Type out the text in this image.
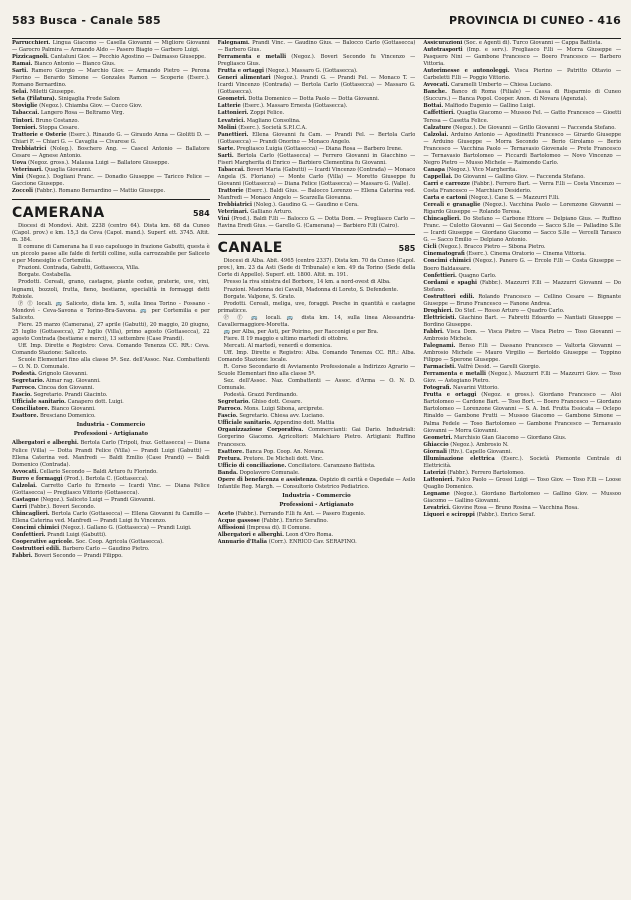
583 Busca - Canale 585	PROVINCIA DI CUNEO - 416

Parrucchieri. Lingua Giacomo — Casella Giovanni — Migliore Giovanni — Garocro Palmira — Armando Aldo — Pasero Biagio — Garbero Luigi.

Pizzicagnoli. Cantaluni Giov. — Pecchio Agostino — Daimasso Giuseppe.

Ramai. Bianco Antonio — Bianco Gius.

Sarti. Ramero Giorgio — Marchio Giov. — Armando Pietro — Perona Pierino — Berardo Simone — Gonzales Ramon — Scoperie (Eserc.). Romano Bernardino.

Selai. Miletti Giuseppe.

Seta (Filatura). Sinigaglia Frede Salom

Stoviglie (Negoz.). Chiamba Giov. — Cucco Giov.

Tabaccai. Langero Rosa — Beltramo Virg.

Tintori. Bruno Costanzo.

Torniori. Stoppa Cesare.

Trattorie e Osterie (Eserc.). Rinaudo G. — Giraudo Anna — Giolitti D. — Chiari F. — Chiari G. — Cavaglia — Civarese G.

Trebbiatrici (Noleg.). Boschero Ang. — Cascel Antonio — Ballatore Cesare — Agnese Antonio.

Uova (Negoz. gross.). Malausa Luigi — Ballatore Giuseppe.

Veterinari. Quaglia Giovanni.

Vini (Negoz.). Dogliani Franc. — Donadio Giuseppe — Taricco Felice — Gaccione Giuseppe.

Zoccoli (Fabbr.). Romano Bernardino — Mattio Giuseppe.

CAMERANA	584

Diocesi di Mondovì. Abit. 2238 (centro 64). Dista km. 68 da Cuneo (Capol. prov.) e km. 15,3 da Ceva (Capol. mand.). Superf. ett. 3745. Altit. m. 384.

Il comune di Camerana ha il suo capoluogo in frazione Gabutti, questa è un piccolo paese alle falde di fertili colline, sulla carrozzabile per Saliceto e per Monesiglio e Cortemilia.

Frazioni. Contrada, Gabutti, Gottasecca, Villa.

Borgate. Costabella.

Prodotti. Cereali, grano, castagne, piante cedue, praterie, uve, vini, legnami, bozzoli, frutta, fieno, bestiame, specialità in formaggi detti Robiole.

Ⓟ Ⓣ locali. 🚌 Saliceto, dista km. 5, sulla linea Torino - Fossano - Mondovì - Ceva-Savona e Torino-Bra-Savona. 🚌 per Cortemilia e per Saliceto.

Fiere. 25 marzo (Camerana), 27 aprile (Gabutti), 20 maggio, 20 giugno, 25 luglio (Gottasecca), 27 luglio (Villa), primo agosto (Gottasecca), 22 agosto Contrada (bestiame e merci), 13 settembre (Case Prandi).

Uff. Imp. Dirette e Registro: Ceva. Comando Tenenza CC. RR.: Ceva. Comando Stazione: Saliceto.

Scuole Elementari fino alla classe 5ª. Sez. dell'Assoc. Naz. Combattenti — O. N. D. Comunale.

Podestà. Grignolo Giovanni.

Segretario. Aimar rag. Giovanni.

Parroco. Cincoa don Giovanni.

Fascio. Segretario. Prandi Giacinto.

Ufficiale sanitario. Canapero dott. Luigi.

Conciliatore. Bianco Giovanni.

Esattore. Bresciano Domenico.

Industria - Commercio
Professioni - Artigianato

Albergatori e alberghi. Bertola Carlo (Tripoli, fraz. Gottasecca) — Diana Felice (Villa) — Dotta Prandi Felice (Villa) — Prandi Luigi (Gabutti) — Ellena Caterina ved. Manfredi — Baldi Emilio (Case Prandi) — Baldi Domenico (Contrada).

Avvocati. Cellario Secondo — Baldi Arturo fu Florindo.

Burro e formaggi (Prod.). Bertola C. (Gottasecca).

Calzolai. Carretto Carlo fu Ernesto — Icardi Vinc. — Diana Felice (Gottasecca) — Pregliasco Vittorio (Gottasecca).

Castagne (Negoz.). Saliceto Luigi — Prandi Giovanni.

Carri (Fabbr.). Boveri Secondo.

Chincaglieri. Bertola Carlo (Gottasecca) — Ellena Giovanni fu Camillo — Ellena Caterina ved. Manfredi — Prandi Luigi fu Vincenzo.

Concimi chimici (Negoz.). Gallano G. (Gottasecca) — Prandi Luigi.

Confettieri. Prandi Luigi (Gabutti).

Cooperative agricole. Soc. Coop. Agricola (Gottasecca).

Costruttori edili. Barbero Carlo — Gaudino Pietro.

Fabbri. Boveri Secondo — Prandi Filippo.

Falegnami. Prandi Vinc. — Gaudino Gius. — Balocco Carlo (Gottasecca) — Barbero Gius.

Ferramenta e metalli (Negoz.). Boveri Secondo fu Vincenzo — Pregliasco Gius.

Frutta e ortaggi (Negoz.). Massaro G. (Gottasecca).

Generi alimentari (Negoz.). Prandi G. — Prandi Fel. — Monaco T. — Icardi Vincenzo (Contrada) — Bertola Carlo (Gottasecca) — Massaro G. (Gottasecca).

Geometri. Dotta Domenico — Dotta Paolo — Dotta Giovanni.

Latterie (Eserc.). Massaro Ernesta (Gottasecca).

Lattonieri. Zoppi Felice.

Levatrici. Magliano Consolina.

Molini (Eserc.). Società S.P.I.C.A.

Panettieri. Ellena Giovanni fu Cam. — Prandi Fel. — Bertola Carlo (Gottasecca) — Prandi Onorino — Monaco Angelo.

Sarte. Pregliasco Luigia (Gottasecca) — Diana Rosa — Barbero Irene.

Sarti. Bertola Carlo (Gottasecca) — Ferrero Giovanni in Giacchino — Fiseri Margherita di Enrico — Barbiero Clementina fu Giovanni.

Tabaccai. Boveri Maria (Gabutti) — Icardi Vincenzo (Contrada) — Monaco Angela (S. Floriano) — Monte Carlo (Villa) — Moretto Giuseppe fu Giovanni (Gottasecca) — Diana Felice (Gottasecca) — Massaro G. (Valle).

Trattorie (Eserc.). Baldi Gius. — Balocco Lorenzo — Ellena Caterina ved. Manfredi — Monaco Angelo — Scarzella Giovanna.

Trebbiatrici (Noleg.). Gaudino G. — Gaudino e Cera.

Veterinari. Galliano Arturo.

Vini (Prod.). Baldi F.lli — Balocco G. — Dotta Dom. — Pregliasco Carlo — Ravina Eredi Gius. — Garello G. (Camerana) — Barbiero F.lli (Cairo).

CANALE	585

Diocesi di Alba. Abit. 4965 (centro 2337). Dista km. 70 da Cuneo (Capol. prov.), km. 23 da Asti (Sede di Tribunale) e km. 49 da Torino (Sede della Corte di Appello). Superf. ett. 1800. Altit. m. 191.

Presso la riva sinistra del Borbore, 14 km. a nord-ovest di Alba.

Frazioni. Madonna dei Cavalli, Madonna di Loreto, S. Defendente.

Borgate. Valpone, S. Grato.

Prodotti. Cereali, meliga, uve, foraggi. Pesche in quantità e castagne primaticce.

Ⓟ Ⓣ 🚌 locali. 🚌 dista km. 14, sulla linea Alessandria-Cavallermaggiore-Moretta.

🚌 per Alba, per Asti, per Poirino, per Racconigi e per Bra.

Fiere. Il 19 maggio e ultimo martedì di ottobre.

Mercati. Al martedì, venerdì e domenica.

Uff. Imp. Dirette e Registro: Alba. Comando Tenenza CC. RR.: Alba. Comando Stazione: locale.

R. Corso Secondario di Avviamento Professionale a Indirizzo Agrario — Scuole Elementari fino alla classe 5ª.

Sez. dell'Assoc. Naz. Combattenti — Assoc. d'Arma — O. N. D. Comunale.

Podestà. Grazzi Ferdinando.

Segretario. Ghiso dott. Cesare.

Parroco. Mons. Luigi Sibona, arciprete.

Fascio. Segretario. Chiesa avv. Luciano.

Ufficiale sanitario. Appendino dott. Mattia

Organizzazione Corporativa. Commercianti: Gai Dario. Industriali: Gorgerino Giacomo. Agricoltori: Malchiaro Pietro. Artigiani: Ruffino Francesco.

Esattore. Banca Pop. Coop. An. Novara.

Pretura. Pretore. De Micheli dott. Vinc.

Ufficio di conciliazione. Conciliatore. Caranzano Battista.

Banda. Dopolavoro Comunale.

Opere di beneficenza e assistenza. Ospizio di carità e Ospedale — Asilo Infantile Reg. Margh. — Consultorio Ostetrico Pediatrico.

Industria - Commercio
Professioni - Artigianato

Aceto (Fabbr.). Ferrando F.lli fu Ant. — Pasero Eugenio.

Acque gassose (Fabbr.). Enrico Serafino.

Affissioni (Impresa di). Il Comune.

Albergatori e alberghi. Leon d'Oro Roma.

Annuario d'Italia (Corr.). ENRICO Cav. SERAFINO.

Assicurazioni (Soc. e Agenti di). Turco Giovanni — Cappa Battista.

Autotrasporti (Imp. e serv.). Pregliasco F.lli — Morra Giuseppe — Pasquero Nini — Gambone Francesco — Boero Francesco — Barbero Vittoria.

Autorimesse e autonoleggi. Visca Pierino — Patritto Ottavio — Carbeletti F.lli — Poggio Vittorio.

Avvocati. Caramelli Umberto — Chiesa Luciano.

Banche. Banco di Roma (Filiale) — Cassa di Risparmio di Cuneo (Succurs.) — Banca Popol. Cooper. Anon. di Novara (Agenzia).

Bottai. Malfiodo Eugenio — Gallino Luigi.

Caffettieri. Quaglia Giacomo — Mussoo Fel. — Gatto Francesco — Gioetti Teresa — Casetta Felice.

Calzature (Negoz.). De Giovanni — Grillo Giovanni — Faccenda Stefano.

Calzolai. Arduino Antonio — Agostinetti Francesco — Girardo Giuseppe — Arduino Giuseppe — Morra Secondo — Berio Girolamo — Berio Francesco — Vacchina Paolo — Ternavasio Giovenale — Prete Francesco — Ternavasio Bartolomeo — Ficcardi Bartolomeo — Novo Vincenzo — Negro Pietro — Musso Michele — Raimondo Carlo.

Canapa (Negoz.). Vico Margherita.

Cappellai. Do Giovanni — Gallino Giov. — Faccenda Stefano.

Carri e carrozze (Fabbr.). Ferrero Bart. — Verra F.lli — Costa Vincenzo — Costa Francesco — Marchiaro Desiderio.

Carta e cartoni (Negoz.). Cane S. — Mazzurri F.lli.

Cereali e granaglie (Negoz.). Vacchina Paolo — Lorenzone Giovanni — Rigardo Giuseppe — Rolando Teresa.

Chincaglieri. Do Stefano — Carbone Ettore — Delpiano Gius. — Ruffino Franc. — Culotto Giovanni — Gai Secondo — Sacco S.lle — Palladino S.lle — Icardi Giuseppe — Giordano Giacomo — Sacco S.lle — Vercelli Tarasco G. — Sacco Emilio — Delpiano Antonio.

Cicli (Negoz.). Bracco Pietro — Sibona Pietro.

Cinematografi (Eserc.). Cinema Oratorio — Cinema Vittoria.

Concimi chimici (Negoz.). Panero G. — Ercole F.lli — Costa Giuseppe — Boero Baldassare.

Confettieri. Quagno Carlo.

Cordami e spaghi (Fabbr.). Mazzurri F.lli — Mazzurri Giovanni — Do Stefano.

Costruttori edili. Rolando Francesco — Cellino Cesare — Bignante Giuseppe — Bruno Francesco — Fanone Andrea.

Droghieri. Do Stef. — Rosso Arturo — Quadro Carlo.

Elettricisti. Giachino Bart. — Fabretti Edoardo — Nantiati Giuseppe — Bordino Giuseppe.

Fabbri. Visca Dom. — Visca Pietro — Visca Pietro — Toso Giovanni — Ambrosio Michele.

Falegnami. Benso F.lli — Dassano Francesco — Valtorta Giovanni — Ambrosio Michele — Mauro Virgilio — Bertoldo Giuseppe — Toppino Filippo — Sperone Giuseppe.

Farmacisti. Valfrè Desid. — Garelli Giorgio.

Ferramenta e metalli (Negoz.). Mazzurri F.lli — Mazzurri Giov. — Toso Giov. — Astegiano Pietro.

Fotografi. Navarini Vittorio.

Frutta e ortaggi (Negoz. e gross.). Giordano Francesco — Aloi Bartolomeo — Cardone Bart. — Toso Bort. — Boero Francesco — Giordano Bartolomeo — Lorenzone Giovanni — S. A. Ind. Frutta Essicata — Oclepo Rinaldo — Gambone Frutti — Mussoo Giacomo — Gambone Simone — Palma Fedele — Toso Bartolomeo — Gambone Francesco — Ternavasio Giovanni — Morra Giovanni.

Geometri. Marchisio Gian Giacomo — Giordano Gius.

Ghiaccio (Negoz.). Ambrosio N.

Giornali (Riv.). Capello Giovanni.

Illuminazione elettrica (Eserc.). Società Piemonte Centrale di Elettricità.

Laterizi (Fabbr.). Ferrero Bartolomeo.

Lattonieri. Falco Paolo — Grossi Luigi — Toso Giov. — Toso F.lli — Loose Quaglio Domenico.

Legname (Negoz.). Giordano Bartolomeo — Gallino Giov. — Mussoo Giacomo — Gallino Giovanni.

Levatrici. Giovine Rosa — Bruno Rosina — Vacchina Rosa.

Liquori e sciroppi (Fabbr.). Enrico Seraf.
